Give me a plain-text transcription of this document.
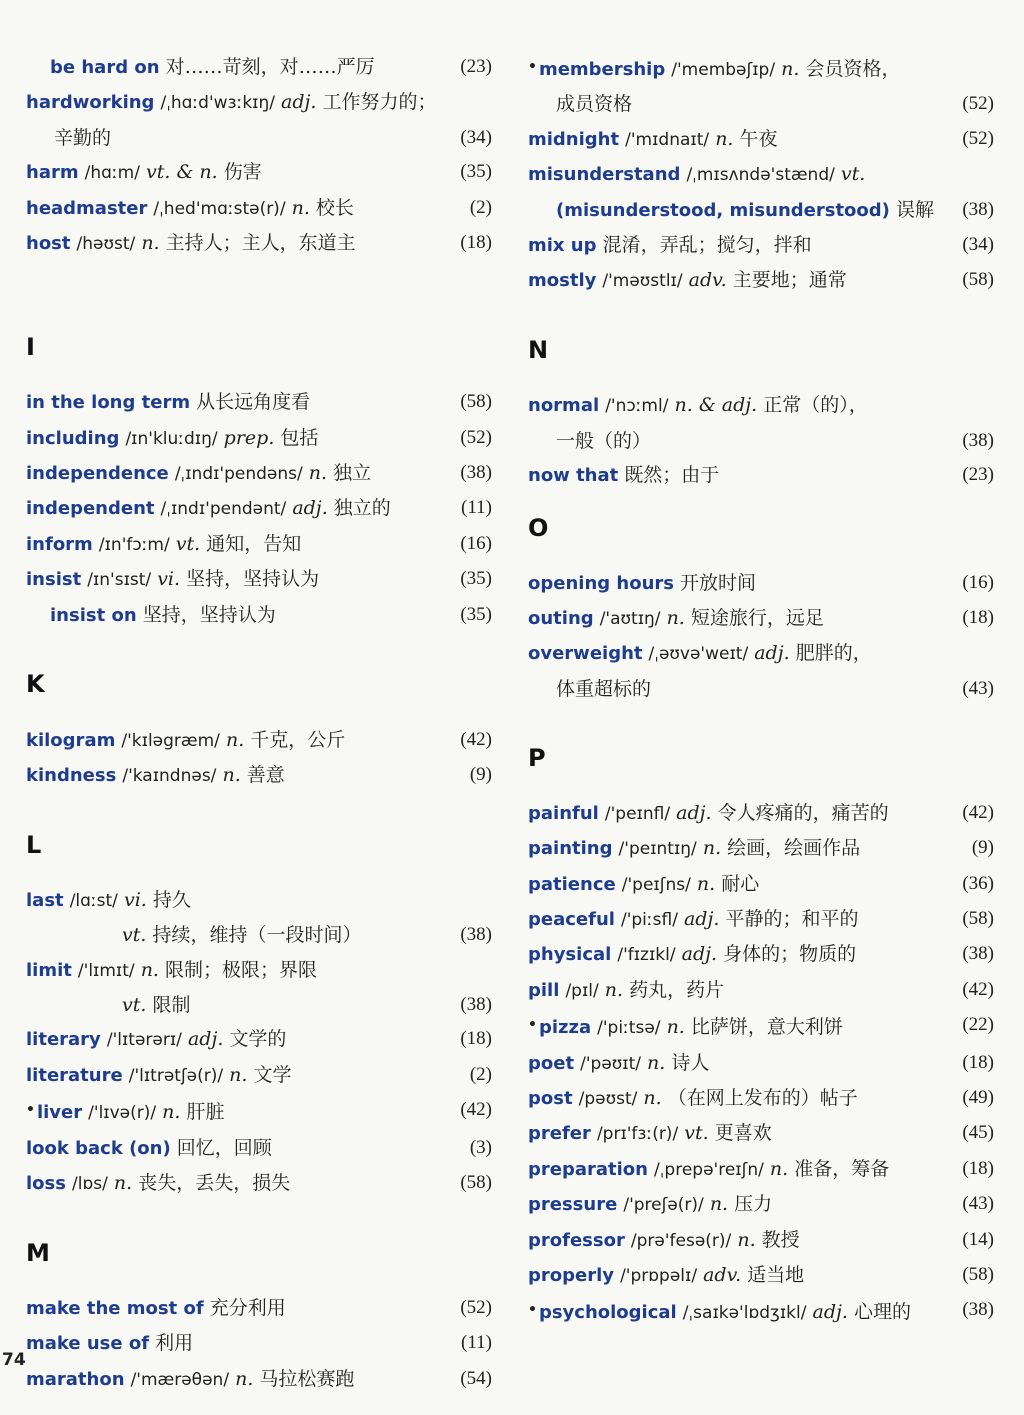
be hard on 对……苛刻，对……严厉	(23)
hardworking /ˌhɑːd'wɜːkɪŋ/ adj. 工作努力的；
辛勤的	(34)
harm /hɑːm/ vt. & n. 伤害	(35)
headmaster /ˌhed'mɑːstə(r)/ n. 校长	(2)
host /həʊst/ n. 主持人；主人，东道主	(18)
I
in the long term 从长远角度看	(58)
including /ɪn'kluːdɪŋ/ prep. 包括	(52)
independence /ˌɪndɪ'pendəns/ n. 独立	(38)
independent /ˌɪndɪ'pendənt/ adj. 独立的	(11)
inform /ɪn'fɔːm/ vt. 通知，告知	(16)
insist /ɪn'sɪst/ vi. 坚持，坚持认为	(35)
insist on 坚持，坚持认为	(35)
K
kilogram /'kɪləgræm/ n. 千克，公斤	(42)
kindness /'kaɪndnəs/ n. 善意	(9)
L
last /lɑːst/ vi. 持久
vt. 持续，维持（一段时间）	(38)
limit /'lɪmɪt/ n. 限制；极限；界限
vt. 限制	(38)
literary /'lɪtərərɪ/ adj. 文学的	(18)
literature /'lɪtrətʃə(r)/ n. 文学	(2)
• liver /'lɪvə(r)/ n. 肝脏	(42)
look back (on) 回忆，回顾	(3)
loss /lɒs/ n. 丧失，丢失，损失	(58)
M
make the most of 充分利用	(52)
make use of 利用	(11)
marathon /'mærəθən/ n. 马拉松赛跑	(54)
• membership /'membəʃɪp/ n. 会员资格，
成员资格	(52)
midnight /'mɪdnaɪt/ n. 午夜	(52)
misunderstand /ˌmɪsʌndə'stænd/ vt.
(misunderstood, misunderstood) 误解	(38)
mix up 混淆，弄乱；搅匀，拌和	(34)
mostly /'məʊstlɪ/ adv. 主要地；通常	(58)
N
normal /'nɔːml/ n. & adj. 正常（的），
一般（的）	(38)
now that 既然；由于	(23)
O
opening hours 开放时间	(16)
outing /'aʊtɪŋ/ n. 短途旅行，远足	(18)
overweight /ˌəʊvə'weɪt/ adj. 肥胖的，
体重超标的	(43)
P
painful /'peɪnfl/ adj. 令人疼痛的，痛苦的	(42)
painting /'peɪntɪŋ/ n. 绘画，绘画作品	(9)
patience /'peɪʃns/ n. 耐心	(36)
peaceful /'piːsfl/ adj. 平静的；和平的	(58)
physical /'fɪzɪkl/ adj. 身体的；物质的	(38)
pill /pɪl/ n. 药丸，药片	(42)
• pizza /'piːtsə/ n. 比萨饼，意大利饼	(22)
poet /'pəʊɪt/ n. 诗人	(18)
post /pəʊst/ n. （在网上发布的）帖子	(49)
prefer /prɪ'fɜː(r)/ vt. 更喜欢	(45)
preparation /ˌprepə'reɪʃn/ n. 准备，筹备	(18)
pressure /'preʃə(r)/ n. 压力	(43)
professor /prə'fesə(r)/ n. 教授	(14)
properly /'prɒpəlɪ/ adv. 适当地	(58)
• psychological /ˌsaɪkə'lɒdʒɪkl/ adj. 心理的	(38)
74
